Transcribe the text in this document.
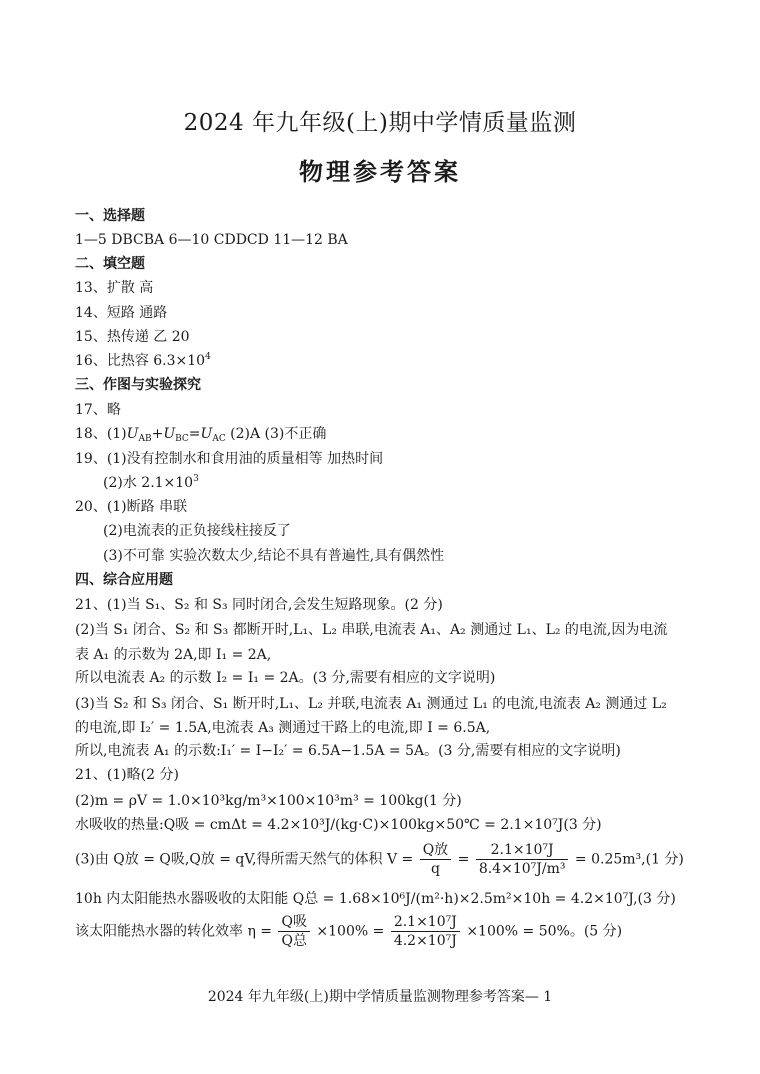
2024 年九年级(上)期中学情质量监测
物理参考答案
一、选择题
1—5 DBCBA 6—10 CDDCD 11—12 BA
二、填空题
13、扩散 高
14、短路 通路
15、热传递 乙 20
16、比热容 $6.3\times 10^4$
三、作图与实验探究
17、略
18、$(1)U_{AB}+U_{BC}=U_{AC}$ (2)A (3)不正确
19、(1)没有控制水和食用油的质量相等 加热时间
(2)水 $2.1\times 10^3$
20、(1)断路 串联
(2)电流表的正负接线柱接反了
(3)不可靠 实验次数太少,结论不具有普遍性,具有偶然性
四、综合应用题
21、(1)当 S₁、S₂ 和 S₃ 同时闭合,会发生短路现象。(2 分)
(2)当 S₁ 闭合、S₂ 和 S₃ 都断开时,L₁、L₂ 串联,电流表 A₁、A₂ 测通过 L₁、L₂ 的电流,因为电流
表 A₁ 的示数为 2A,即 I₁ = 2A,
所以电流表 A₂ 的示数 I₂ = I₁ = 2A。(3 分,需要有相应的文字说明)
(3)当 S₂ 和 S₃ 闭合、S₁ 断开时,L₁、L₂ 并联,电流表 A₁ 测通过 L₁ 的电流,电流表 A₂ 测通过 L₂
的电流,即 I₂′ = 1.5A,电流表 A₃ 测通过干路上的电流,即 I = 6.5A,
所以,电流表 A₁ 的示数:I₁′ = I−I₂′ = 6.5A−1.5A = 5A。(3 分,需要有相应的文字说明)
21、(1)略(2 分)
(2)m = ρV = 1.0×10³kg/m³×100×10³m³ = 100kg(1 分)
水吸收的热量:Q吸 = cmΔt = 4.2×10³J/(kg·C)×100kg×50℃ = 2.1×10⁷J(3 分)
(3)由 Q放 = Q吸,Q放 = qV,得所需天然气的体积 $V = \frac{\text{Q放}}{q} = \frac{\text{2.1×10⁷J}}{\text{8.4×10⁷J/m³}} = 0.25m^3,(1$ 分)
10h 内太阳能热水器吸收的太阳能 Q总 = 1.68×10⁶J/(m²·h)×2.5m²×10h = 4.2×10⁷J,(3 分)
该太阳能热水器的转化效率 $\eta = \frac{\text{Q吸}}{\text{Q总}} \times 100\% = \frac{\text{2.1×10⁷J}}{\text{4.2×10⁷J}} \times 100\% = 50\%$。(5 分)
2024 年九年级(上)期中学情质量监测物理参考答案— 1
